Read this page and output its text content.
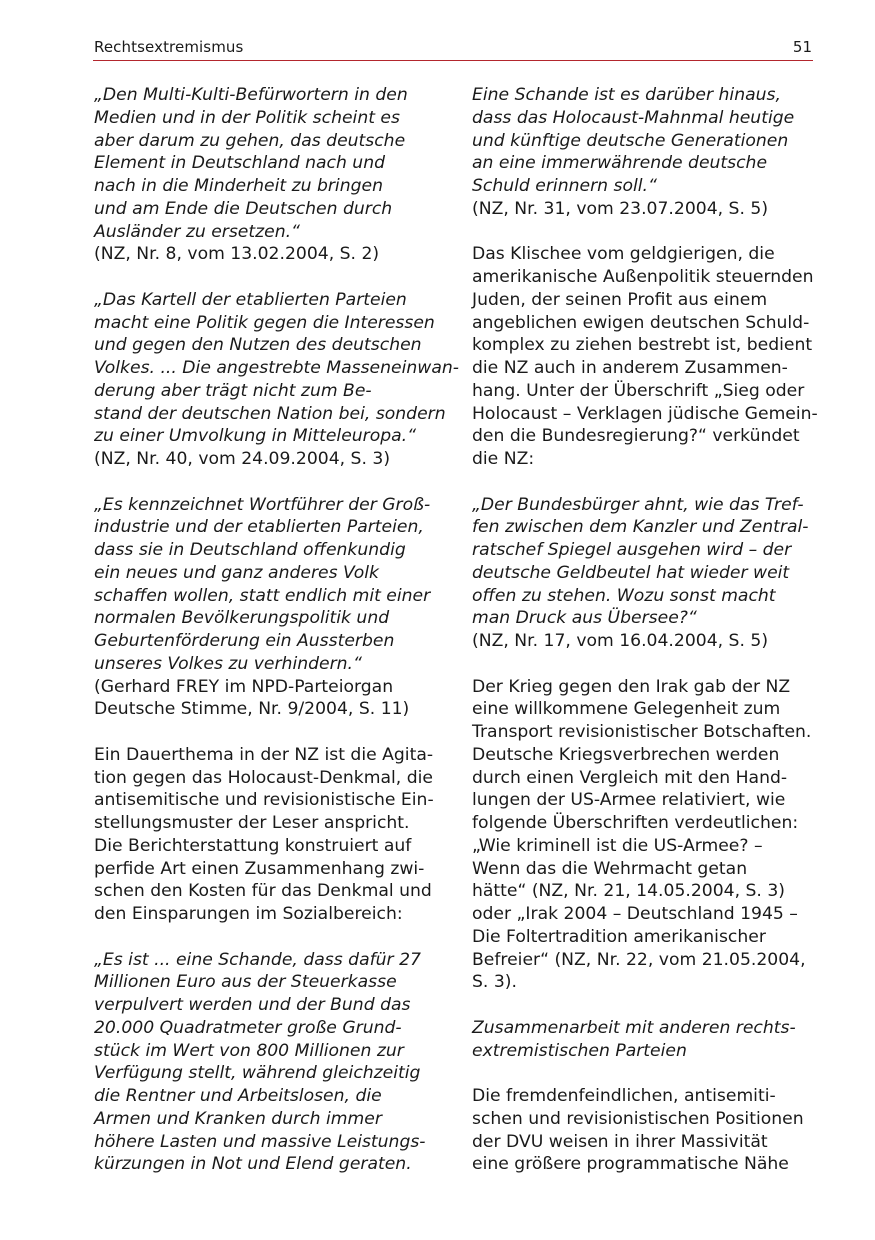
Rechtsextremismus	51
„Den Multi-Kulti-Befürwortern in den
Medien und in der Politik scheint es
aber darum zu gehen, das deutsche
Element in Deutschland nach und
nach in die Minderheit zu bringen
und am Ende die Deutschen durch
Ausländer zu ersetzen.“
(NZ, Nr. 8, vom 13.02.2004, S. 2)
„Das Kartell der etablierten Parteien
macht eine Politik gegen die Interessen
und gegen den Nutzen des deutschen
Volkes. ... Die angestrebte Masseneinwan-
derung aber trägt nicht zum Be-
stand der deutschen Nation bei, sondern
zu einer Umvolkung in Mitteleuropa.“
(NZ, Nr. 40, vom 24.09.2004, S. 3)
„Es kennzeichnet Wortführer der Groß-
industrie und der etablierten Parteien,
dass sie in Deutschland offenkundig
ein neues und ganz anderes Volk
schaffen wollen, statt endlich mit einer
normalen Bevölkerungspolitik und
Geburtenförderung ein Aussterben
unseres Volkes zu verhindern.“
(Gerhard FREY im NPD-Parteiorgan
Deutsche Stimme, Nr. 9/2004, S. 11)
Ein Dauerthema in der NZ ist die Agita-
tion gegen das Holocaust-Denkmal, die
antisemitische und revisionistische Ein-
stellungsmuster der Leser anspricht.
Die Berichterstattung konstruiert auf
perfide Art einen Zusammenhang zwi-
schen den Kosten für das Denkmal und
den Einsparungen im Sozialbereich:
„Es ist ... eine Schande, dass dafür 27
Millionen Euro aus der Steuerkasse
verpulvert werden und der Bund das
20.000 Quadratmeter große Grund-
stück im Wert von 800 Millionen zur
Verfügung stellt, während gleichzeitig
die Rentner und Arbeitslosen, die
Armen und Kranken durch immer
höhere Lasten und massive Leistungs-
kürzungen in Not und Elend geraten.
Eine Schande ist es darüber hinaus,
dass das Holocaust-Mahnmal heutige
und künftige deutsche Generationen
an eine immerwährende deutsche
Schuld erinnern soll.“
(NZ, Nr. 31, vom 23.07.2004, S. 5)
Das Klischee vom geldgierigen, die
amerikanische Außenpolitik steuernden
Juden, der seinen Profit aus einem
angeblichen ewigen deutschen Schuld-
komplex zu ziehen bestrebt ist, bedient
die NZ auch in anderem Zusammen-
hang. Unter der Überschrift „Sieg oder
Holocaust – Verklagen jüdische Gemein-
den die Bundesregierung?“ verkündet
die NZ:
„Der Bundesbürger ahnt, wie das Tref-
fen zwischen dem Kanzler und Zentral-
ratschef Spiegel ausgehen wird – der
deutsche Geldbeutel hat wieder weit
offen zu stehen. Wozu sonst macht
man Druck aus Übersee?“
(NZ, Nr. 17, vom 16.04.2004, S. 5)
Der Krieg gegen den Irak gab der NZ
eine willkommene Gelegenheit zum
Transport revisionistischer Botschaften.
Deutsche Kriegsverbrechen werden
durch einen Vergleich mit den Hand-
lungen der US-Armee relativiert, wie
folgende Überschriften verdeutlichen:
„Wie kriminell ist die US-Armee? –
Wenn das die Wehrmacht getan
hätte“ (NZ, Nr. 21, 14.05.2004, S. 3)
oder „Irak 2004 – Deutschland 1945 –
Die Foltertradition amerikanischer
Befreier“ (NZ, Nr. 22, vom 21.05.2004,
S. 3).
Zusammenarbeit mit anderen rechts-
extremistischen Parteien
Die fremdenfeindlichen, antisemiti-
schen und revisionistischen Positionen
der DVU weisen in ihrer Massivität
eine größere programmatische Nähe
